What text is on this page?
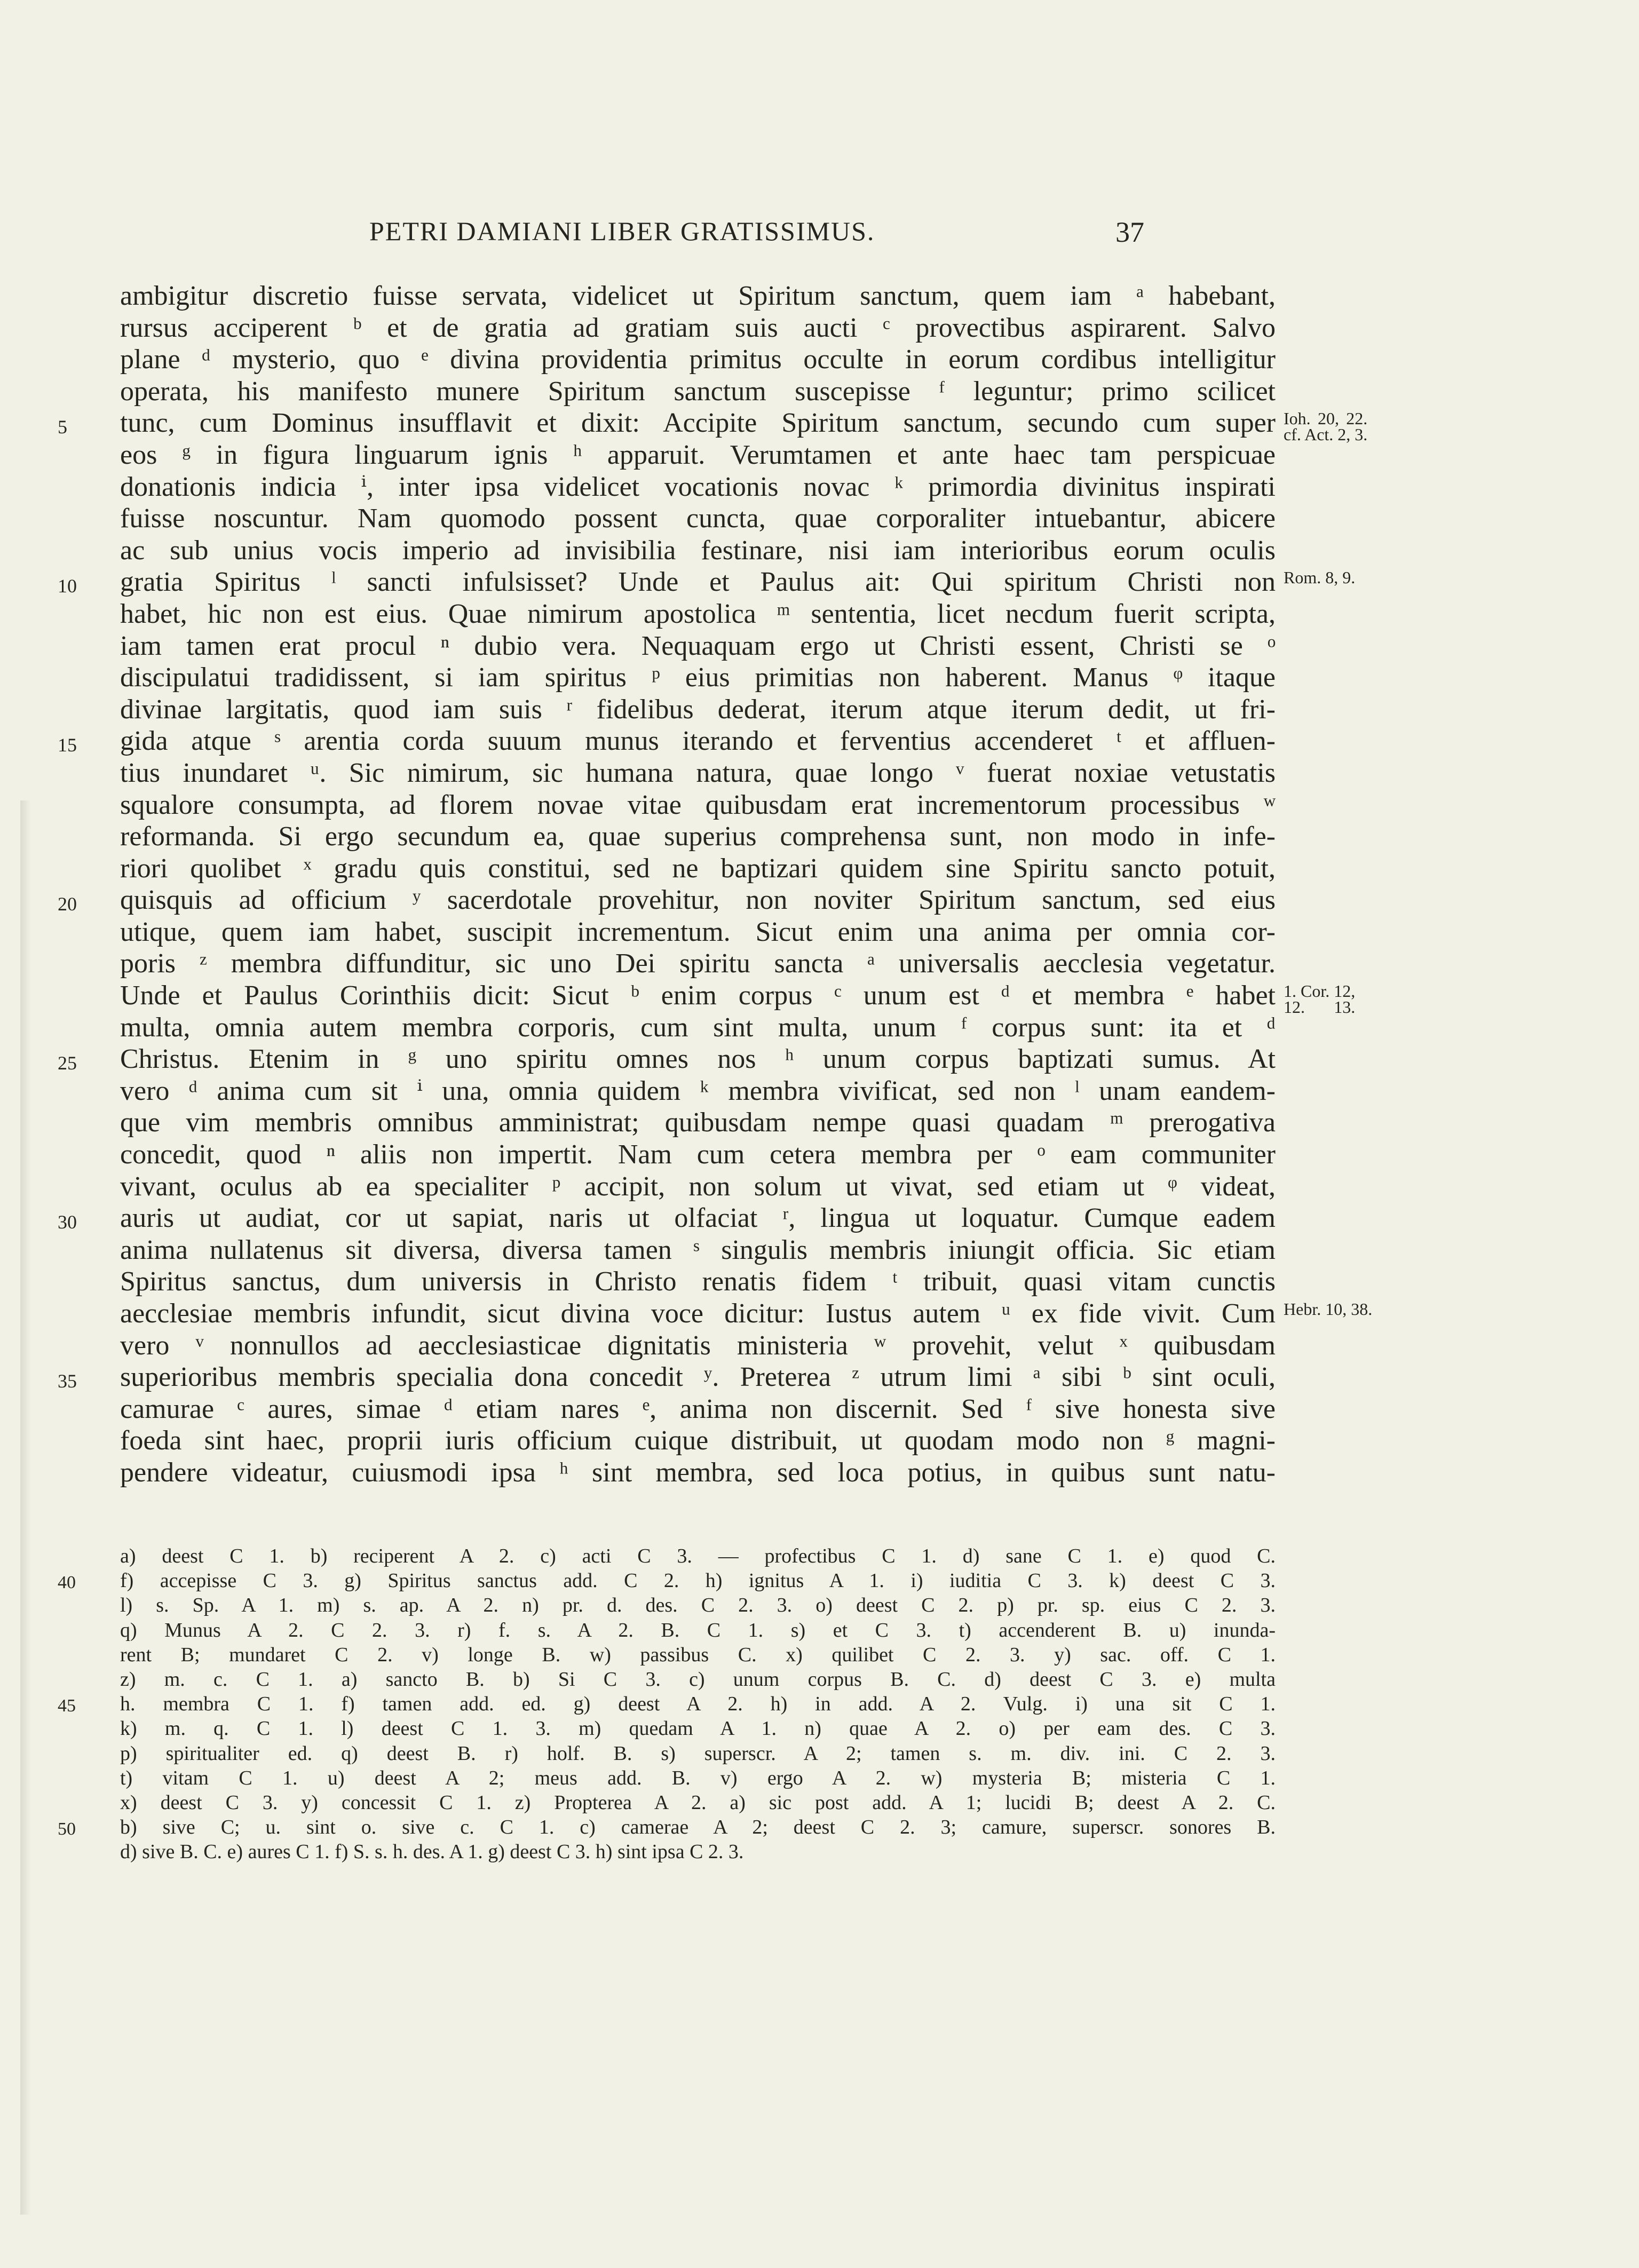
PETRI DAMIANI LIBER GRATISSIMUS.	37
ambigitur discretio fuisse servata, videlicet ut Spiritum sanctum, quem iam ᵃ habebant,
rursus acciperent ᵇ et de gratia ad gratiam suis aucti ᶜ provectibus aspirarent. Salvo
plane ᵈ mysterio, quo ᵉ divina providentia primitus occulte in eorum cordibus intelligitur
operata, his manifesto munere Spiritum sanctum suscepisse ᶠ leguntur; primo scilicet
tunc, cum Dominus insufflavit et dixit: Accipite Spiritum sanctum, secundo cum super
5	Ioh. 20, 22.
cf. Act. 2, 3.
eos ᵍ in figura linguarum ignis ʰ apparuit. Verumtamen et ante haec tam perspicuae
donationis indicia ⁱ, inter ipsa videlicet vocationis novac ᵏ primordia divinitus inspirati
fuisse noscuntur. Nam quomodo possent cuncta, quae corporaliter intuebantur, abicere
ac sub unius vocis imperio ad invisibilia festinare, nisi iam interioribus eorum oculis
gratia Spiritus ˡ sancti infulsisset? Unde et Paulus ait: Qui spiritum Christi non
10	Rom. 8, 9.
habet, hic non est eius. Quae nimirum apostolica ᵐ sententia, licet necdum fuerit scripta,
iam tamen erat procul ⁿ dubio vera. Nequaquam ergo ut Christi essent, Christi se ᵒ
discipulatui tradidissent, si iam spiritus ᵖ eius primitias non haberent. Manus ᵠ itaque
divinae largitatis, quod iam suis ʳ fidelibus dederat, iterum atque iterum dedit, ut fri-
gida atque ˢ arentia corda suuum munus iterando et ferventius accenderet ᵗ et affluen-
15
tius inundaret ᵘ. Sic nimirum, sic humana natura, quae longo ᵛ fuerat noxiae vetustatis
squalore consumpta, ad florem novae vitae quibusdam erat incrementorum processibus ʷ
reformanda. Si ergo secundum ea, quae superius comprehensa sunt, non modo in infe-
riori quolibet ˣ gradu quis constitui, sed ne baptizari quidem sine Spiritu sancto potuit,
quisquis ad officium ʸ sacerdotale provehitur, non noviter Spiritum sanctum, sed eius
20
utique, quem iam habet, suscipit incrementum. Sicut enim una anima per omnia cor-
poris ᶻ membra diffunditur, sic uno Dei spiritu sancta ᵃ universalis aecclesia vegetatur.
Unde et Paulus Corinthiis dicit: Sicut ᵇ enim corpus ᶜ unum est ᵈ et membra ᵉ habet 1. Cor. 12,
12. 13.
multa, omnia autem membra corporis, cum sint multa, unum ᶠ corpus sunt: ita et ᵈ
Christus. Etenim in ᵍ uno spiritu omnes nos ʰ unum corpus baptizati sumus. At
25
vero ᵈ anima cum sit ⁱ una, omnia quidem ᵏ membra vivificat, sed non ˡ unam eandem-
que vim membris omnibus amministrat; quibusdam nempe quasi quadam ᵐ prerogativa
concedit, quod ⁿ aliis non impertit. Nam cum cetera membra per ᵒ eam communiter
vivant, oculus ab ea specialiter ᵖ accipit, non solum ut vivat, sed etiam ut ᵠ videat,
auris ut audiat, cor ut sapiat, naris ut olfaciat ʳ, lingua ut loquatur. Cumque eadem
30
anima nullatenus sit diversa, diversa tamen ˢ singulis membris iniungit officia. Sic etiam
Spiritus sanctus, dum universis in Christo renatis fidem ᵗ tribuit, quasi vitam cunctis
aecclesiae membris infundit, sicut divina voce dicitur: Iustus autem ᵘ ex fide vivit. Cum Hebr. 10, 38.
vero ᵛ nonnullos ad aecclesiasticae dignitatis ministeria ʷ provehit, velut ˣ quibusdam
superioribus membris specialia dona concedit ʸ. Preterea ᶻ utrum limi ᵃ sibi ᵇ sint oculi,
35
camurae ᶜ aures, simae ᵈ etiam nares ᵉ, anima non discernit. Sed ᶠ sive honesta sive
foeda sint haec, proprii iuris officium cuique distribuit, ut quodam modo non ᵍ magni-
pendere videatur, cuiusmodi ipsa ʰ sint membra, sed loca potius, in quibus sunt natu-
a) deest C 1. b) reciperent A 2. c) acti C 3. — profectibus C 1. d) sane C 1. e) quod C.
f) accepisse C 3. g) Spiritus sanctus add. C 2. h) ignitus A 1. i) iuditia C 3. k) deest C 3.
40
l) s. Sp. A 1. m) s. ap. A 2. n) pr. d. des. C 2. 3. o) deest C 2. p) pr. sp. eius C 2. 3.
q) Munus A 2. C 2. 3. r) f. s. A 2. B. C 1. s) et C 3. t) accenderent B. u) inunda-
rent B; mundaret C 2. v) longe B. w) passibus C. x) quilibet C 2. 3. y) sac. off. C 1.
z) m. c. C 1. a) sancto B. b) Si C 3. c) unum corpus B. C. d) deest C 3. e) multa
h. membra C 1. f) tamen add. ed. g) deest A 2. h) in add. A 2. Vulg. i) una sit C 1.
45
k) m. q. C 1. l) deest C 1. 3. m) quedam A 1. n) quae A 2. o) per eam des. C 3.
p) spiritualiter ed. q) deest B. r) holf. B. s) superscr. A 2; tamen s. m. div. ini. C 2. 3.
t) vitam C 1. u) deest A 2; meus add. B. v) ergo A 2. w) mysteria B; misteria C 1.
x) deest C 3. y) concessit C 1. z) Propterea A 2. a) sic post add. A 1; lucidi B; deest A 2. C.
b) sive C; u. sint o. sive c. C 1. c) camerae A 2; deest C 2. 3; camure, superscr. sonores B.
50
d) sive B. C. e) aures C 1. f) S. s. h. des. A 1. g) deest C 3. h) sint ipsa C 2. 3.
